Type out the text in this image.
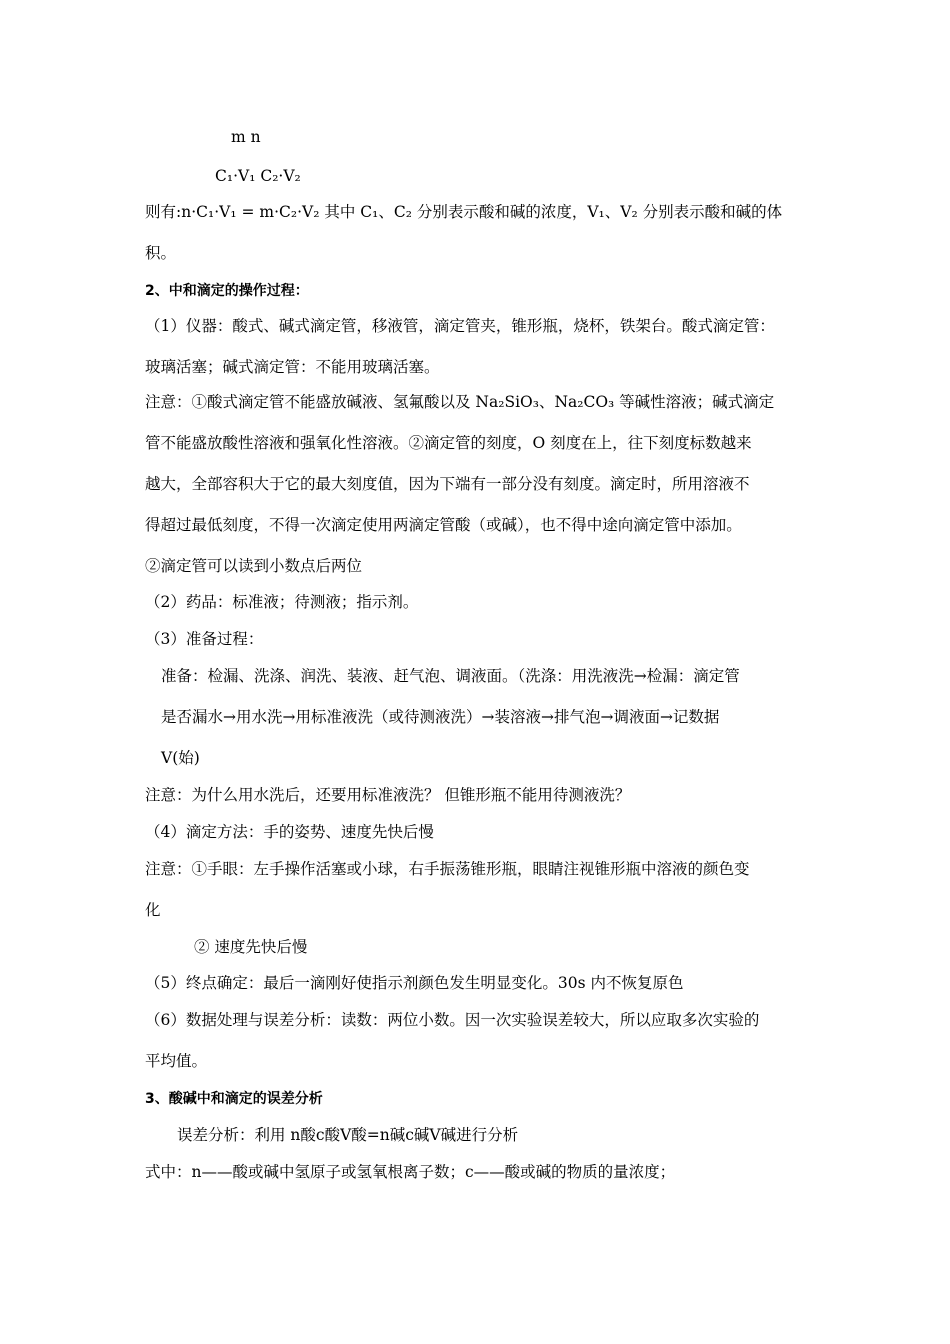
m n
C₁·V₁ C₂·V₂
则有:n·C₁·V₁ = m·C₂·V₂ 其中 C₁、C₂ 分别表示酸和碱的浓度，V₁、V₂ 分别表示酸和碱的体
积。
2、中和滴定的操作过程：
（1）仪器：酸式、碱式滴定管，移液管，滴定管夹，锥形瓶，烧杯，铁架台。酸式滴定管：
玻璃活塞；碱式滴定管：不能用玻璃活塞。
注意：①酸式滴定管不能盛放碱液、氢氟酸以及 Na₂SiO₃、Na₂CO₃ 等碱性溶液；碱式滴定
管不能盛放酸性溶液和强氧化性溶液。②滴定管的刻度，O 刻度在上，往下刻度标数越来
越大，全部容积大于它的最大刻度值，因为下端有一部分没有刻度。滴定时，所用溶液不
得超过最低刻度，不得一次滴定使用两滴定管酸（或碱），也不得中途向滴定管中添加。
②滴定管可以读到小数点后两位
（2）药品：标准液；待测液；指示剂。
（3）准备过程：
准备：检漏、洗涤、润洗、装液、赶气泡、调液面。（洗涤：用洗液洗→检漏：滴定管
是否漏水→用水洗→用标准液洗（或待测液洗）→装溶液→排气泡→调液面→记数据
V(始)
注意：为什么用水洗后，还要用标准液洗？ 但锥形瓶不能用待测液洗？
（4）滴定方法：手的姿势、速度先快后慢
注意：①手眼：左手操作活塞或小球，右手振荡锥形瓶，眼睛注视锥形瓶中溶液的颜色变
化
② 速度先快后慢
（5）终点确定：最后一滴刚好使指示剂颜色发生明显变化。30s 内不恢复原色
（6）数据处理与误差分析：读数：两位小数。因一次实验误差较大，所以应取多次实验的
平均值。
3、酸碱中和滴定的误差分析
误差分析：利用 n酸c酸V酸=n碱c碱V碱进行分析
式中：n——酸或碱中氢原子或氢氧根离子数；c——酸或碱的物质的量浓度；
